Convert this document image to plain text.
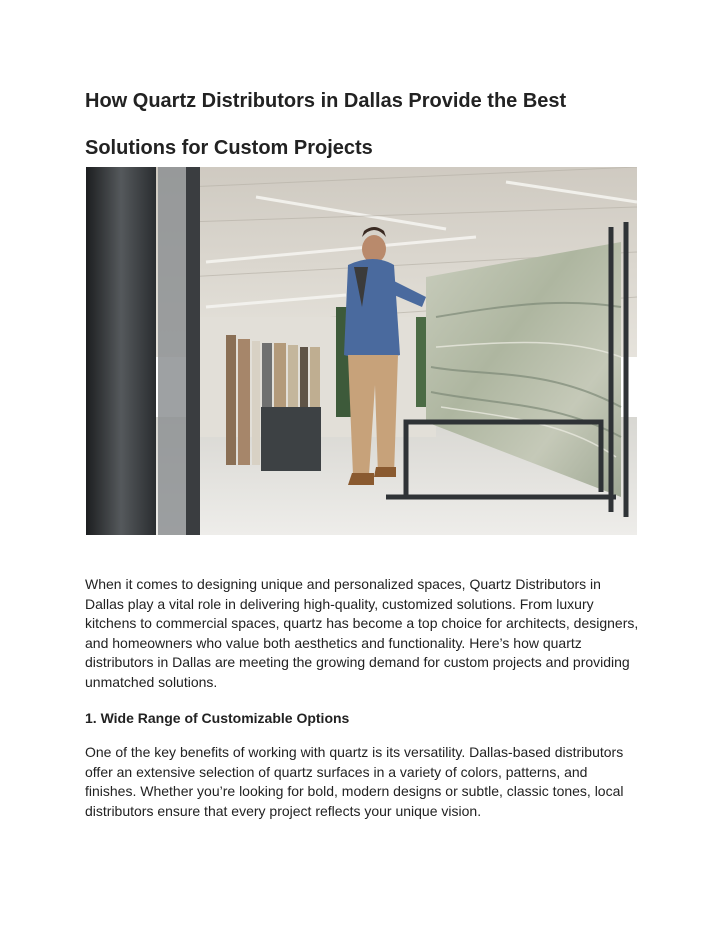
How Quartz Distributors in Dallas Provide the Best Solutions for Custom Projects

When it comes to designing unique and personalized spaces, Quartz Distributors in Dallas play a vital role in delivering high-quality, customized solutions. From luxury kitchens to commercial spaces, quartz has become a top choice for architects, designers, and homeowners who value both aesthetics and functionality. Here’s how quartz distributors in Dallas are meeting the growing demand for custom projects and providing unmatched solutions.

1. Wide Range of Customizable Options

One of the key benefits of working with quartz is its versatility. Dallas-based distributors offer an extensive selection of quartz surfaces in a variety of colors, patterns, and finishes. Whether you’re looking for bold, modern designs or subtle, classic tones, local distributors ensure that every project reflects your unique vision.
